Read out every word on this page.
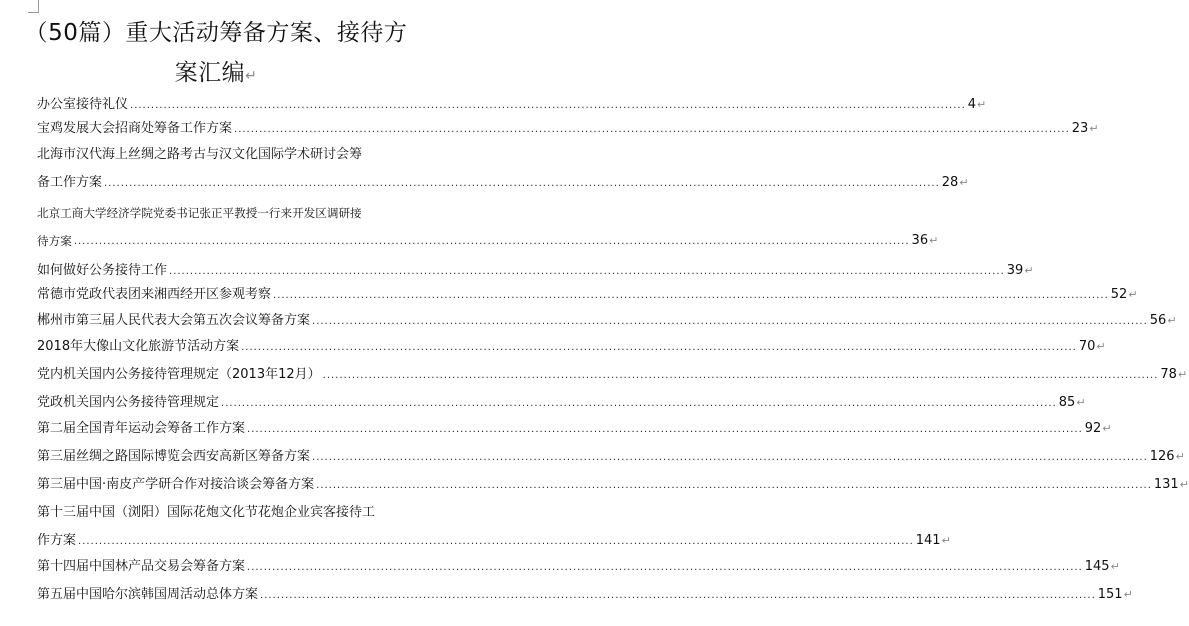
（50篇）重大活动筹备方案、接待方
案汇编↵
办公室接待礼仪 ........................................................................................................................................................................................................ 4 ↵
宝鸡发展大会招商处筹备工作方案 ........................................................................................................................................................................................................ 23 ↵
北海市汉代海上丝绸之路考古与汉文化国际学术研讨会筹
备工作方案 ........................................................................................................................................................................................................ 28 ↵
北京工商大学经济学院党委书记张正平教授一行来开发区调研接
待方案 ........................................................................................................................................................................................................ 36 ↵
如何做好公务接待工作 ........................................................................................................................................................................................................ 39 ↵
常德市党政代表团来湘西经开区参观考察 ........................................................................................................................................................................................................ 52 ↵
郴州市第三届人民代表大会第五次会议筹备方案 ........................................................................................................................................................................................................ 56 ↵
2018年大像山文化旅游节活动方案 ........................................................................................................................................................................................................ 70 ↵
党内机关国内公务接待管理规定（2013年12月） ........................................................................................................................................................................................................ 78 ↵
党政机关国内公务接待管理规定 ........................................................................................................................................................................................................ 85 ↵
第二届全国青年运动会筹备工作方案 ........................................................................................................................................................................................................ 92 ↵
第三届丝绸之路国际博览会西安高新区筹备方案 ........................................................................................................................................................................................................ 126 ↵
第三届中国·南皮产学研合作对接洽谈会筹备方案 ........................................................................................................................................................................................................ 131 ↵
第十三届中国（浏阳）国际花炮文化节花炮企业宾客接待工
作方案 ........................................................................................................................................................................................................ 141 ↵
第十四届中国林产品交易会筹备方案 ........................................................................................................................................................................................................ 145 ↵
第五届中国哈尔滨韩国周活动总体方案 ........................................................................................................................................................................................................ 151 ↵
